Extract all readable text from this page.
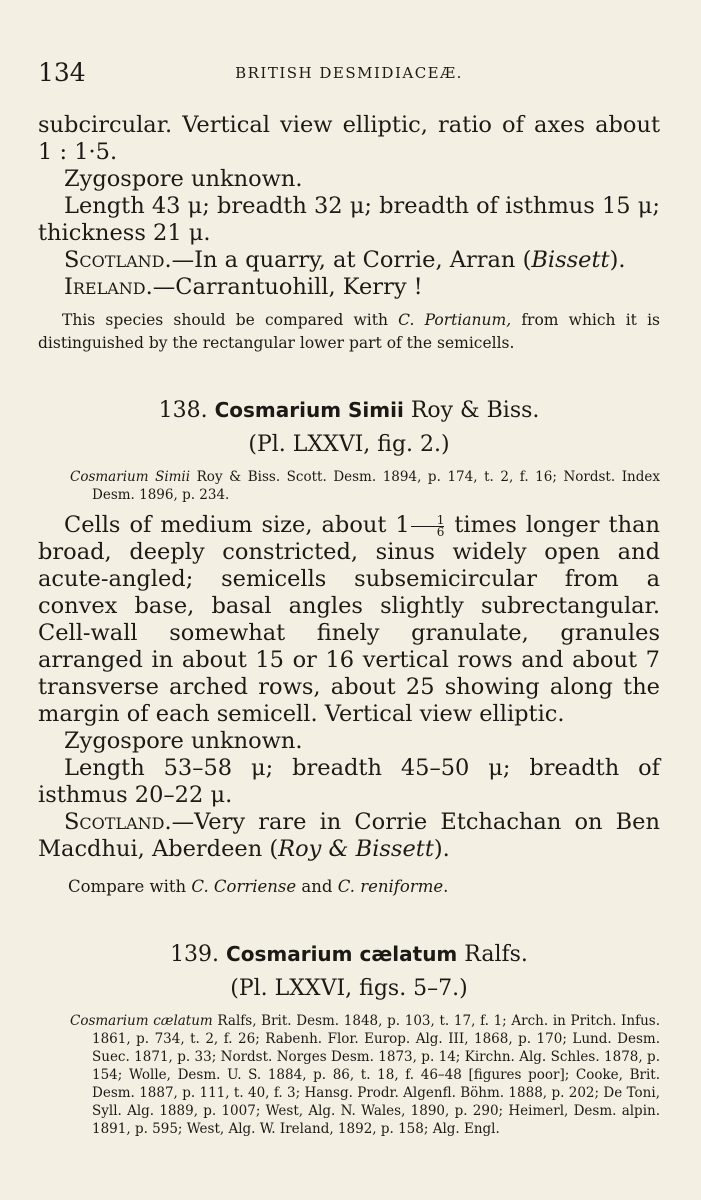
134	BRITISH DESMIDIACEÆ.

subcircular. Vertical view elliptic, ratio of axes about 1 : 1·5.

Zygospore unknown.

Length 43 μ; breadth 32 μ; breadth of isthmus 15 μ; thickness 21 μ.

Scotland.—In a quarry, at Corrie, Arran (Bissett).

Ireland.—Carrantuohill, Kerry !

This species should be compared with C. Portianum, from which it is distinguished by the rectangular lower part of the semicells.

138. Cosmarium Simii Roy & Biss.

(Pl. LXXVI, fig. 2.)

Cosmarium Simii Roy & Biss. Scott. Desm. 1894, p. 174, t. 2, f. 16; Nordst. Index Desm. 1896, p. 234.

Cells of medium size, about $1 \frac{1}{6}$ times longer than broad, deeply constricted, sinus widely open and acute-angled; semicells subsemicircular from a convex base, basal angles slightly subrectangular. Cell-wall somewhat finely granulate, granules arranged in about 15 or 16 vertical rows and about 7 transverse arched rows, about 25 showing along the margin of each semicell. Vertical view elliptic.

Zygospore unknown.

Length 53–58 μ; breadth 45–50 μ; breadth of isthmus 20–22 μ.

Scotland.—Very rare in Corrie Etchachan on Ben Macdhui, Aberdeen (Roy & Bissett).

Compare with C. Corriense and C. reniforme.

139. Cosmarium cælatum Ralfs.

(Pl. LXXVI, figs. 5–7.)

Cosmarium cælatum Ralfs, Brit. Desm. 1848, p. 103, t. 17, f. 1; Arch. in Pritch. Infus. 1861, p. 734, t. 2, f. 26; Rabenh. Flor. Europ. Alg. III, 1868, p. 170; Lund. Desm. Suec. 1871, p. 33; Nordst. Norges Desm. 1873, p. 14; Kirchn. Alg. Schles. 1878, p. 154; Wolle, Desm. U. S. 1884, p. 86, t. 18, f. 46–48 [figures poor]; Cooke, Brit. Desm. 1887, p. 111, t. 40, f. 3; Hansg. Prodr. Algenfl. Böhm. 1888, p. 202; De Toni, Syll. Alg. 1889, p. 1007; West, Alg. N. Wales, 1890, p. 290; Heimerl, Desm. alpin. 1891, p. 595; West, Alg. W. Ireland, 1892, p. 158; Alg. Engl.
